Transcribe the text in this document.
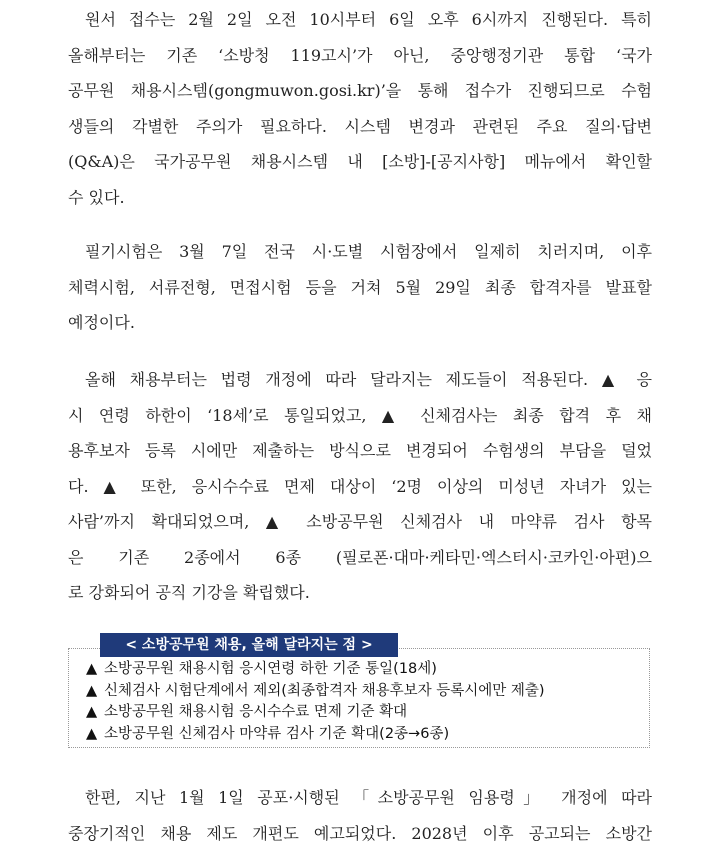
원서 접수는 2월 2일 오전 10시부터 6일 오후 6시까지 진행된다. 특히
올해부터는 기존 ‘소방청 119고시’가 아닌, 중앙행정기관 통합 ‘국가
공무원 채용시스템(gongmuwon.gosi.kr)’을 통해 접수가 진행되므로 수험
생들의 각별한 주의가 필요하다. 시스템 변경과 관련된 주요 질의·답변
(Q&A)은 국가공무원 채용시스템 내 [소방]-[공지사항] 메뉴에서 확인할
수 있다.
필기시험은 3월 7일 전국 시·도별 시험장에서 일제히 치러지며, 이후
체력시험, 서류전형, 면접시험 등을 거쳐 5월 29일 최종 합격자를 발표할
예정이다.
올해 채용부터는 법령 개정에 따라 달라지는 제도들이 적용된다. ▲ 응
시 연령 하한이 ‘18세’로 통일되었고, ▲ 신체검사는 최종 합격 후 채
용후보자 등록 시에만 제출하는 방식으로 변경되어 수험생의 부담을 덜었
다. ▲ 또한, 응시수수료 면제 대상이 ‘2명 이상의 미성년 자녀가 있는
사람’까지 확대되었으며, ▲ 소방공무원 신체검사 내 마약류 검사 항목
은 기존 2종에서 6종 (필로폰·대마·케타민·엑스터시·코카인·아편)으
로 강화되어 공직 기강을 확립했다.
< 소방공무원 채용, 올해 달라지는 점 >
▲ 소방공무원 채용시험 응시연령 하한 기준 통일(18세)
▲ 신체검사 시험단계에서 제외(최종합격자 채용후보자 등록시에만 제출)
▲ 소방공무원 채용시험 응시수수료 면제 기준 확대
▲ 소방공무원 신체검사 마약류 검사 기준 확대(2종→6종)
한편, 지난 1월 1일 공포·시행된 「소방공무원 임용령」 개정에 따라
중장기적인 채용 제도 개편도 예고되었다. 2028년 이후 공고되는 소방간
